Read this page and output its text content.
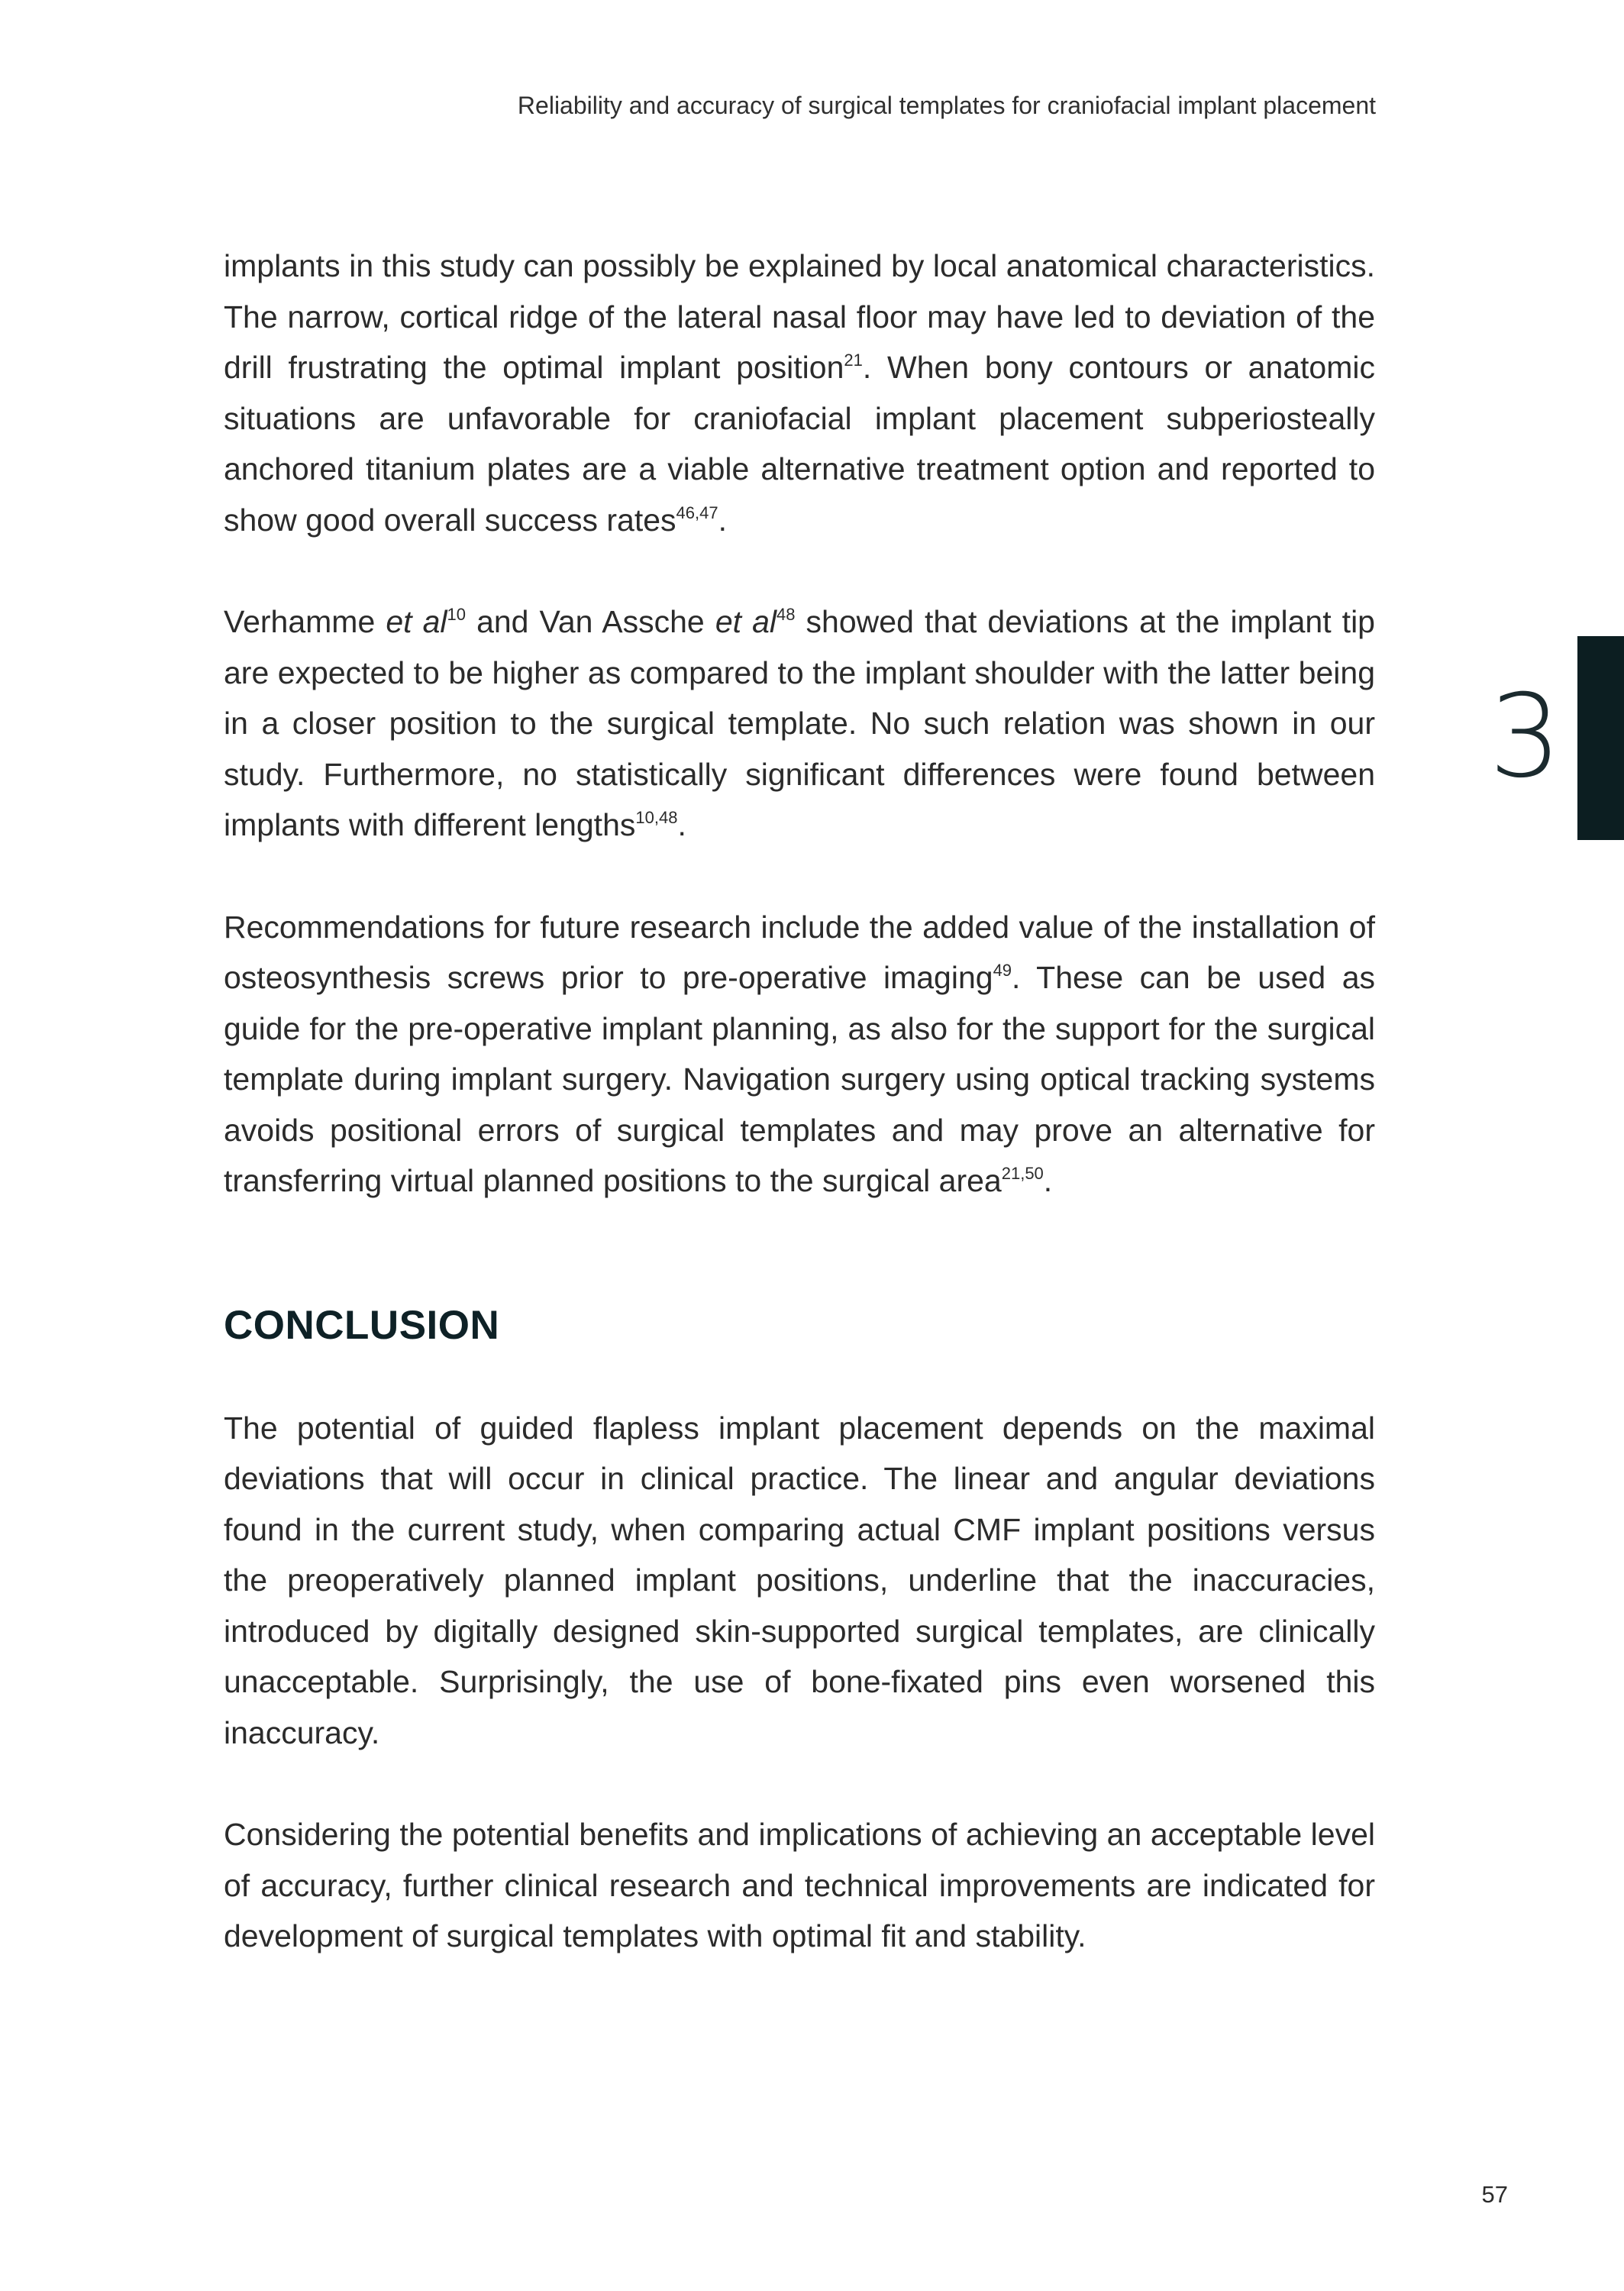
Reliability and accuracy of surgical templates for craniofacial implant placement
3

implants in this study can possibly be explained by local anatomical characteristics. The narrow, cortical ridge of the lateral nasal floor may have led to deviation of the drill frustrating the optimal implant position$^{21}$. When bony contours or anatomic situations are unfavorable for craniofacial implant placement subperiosteally anchored titanium plates are a viable alternative treatment option and reported to show good overall success rates$^{46,47}$.

Verhamme et $al^{10}$ and Van Assche et $al^{48}$ showed that deviations at the implant tip are expected to be higher as compared to the implant shoulder with the latter being in a closer position to the surgical template. No such relation was shown in our study. Furthermore, no statistically significant differences were found between implants with different lengths$^{10,48}$.

Recommendations for future research include the added value of the installation of osteosynthesis screws prior to pre-operative imaging$^{49}$. These can be used as guide for the pre-operative implant planning, as also for the support for the surgical template during implant surgery. Navigation surgery using optical tracking systems avoids positional errors of surgical templates and may prove an alternative for transferring virtual planned positions to the surgical area$^{21,50}$.

CONCLUSION

The potential of guided flapless implant placement depends on the maximal deviations that will occur in clinical practice. The linear and angular deviations found in the current study, when comparing actual CMF implant positions versus the preoperatively planned implant positions, underline that the inaccuracies, introduced by digitally designed skin-supported surgical templates, are clinically unacceptable. Surprisingly, the use of bone-fixated pins even worsened this inaccuracy.

Considering the potential benefits and implications of achieving an acceptable level of accuracy, further clinical research and technical improvements are indicated for development of surgical templates with optimal fit and stability.

57
